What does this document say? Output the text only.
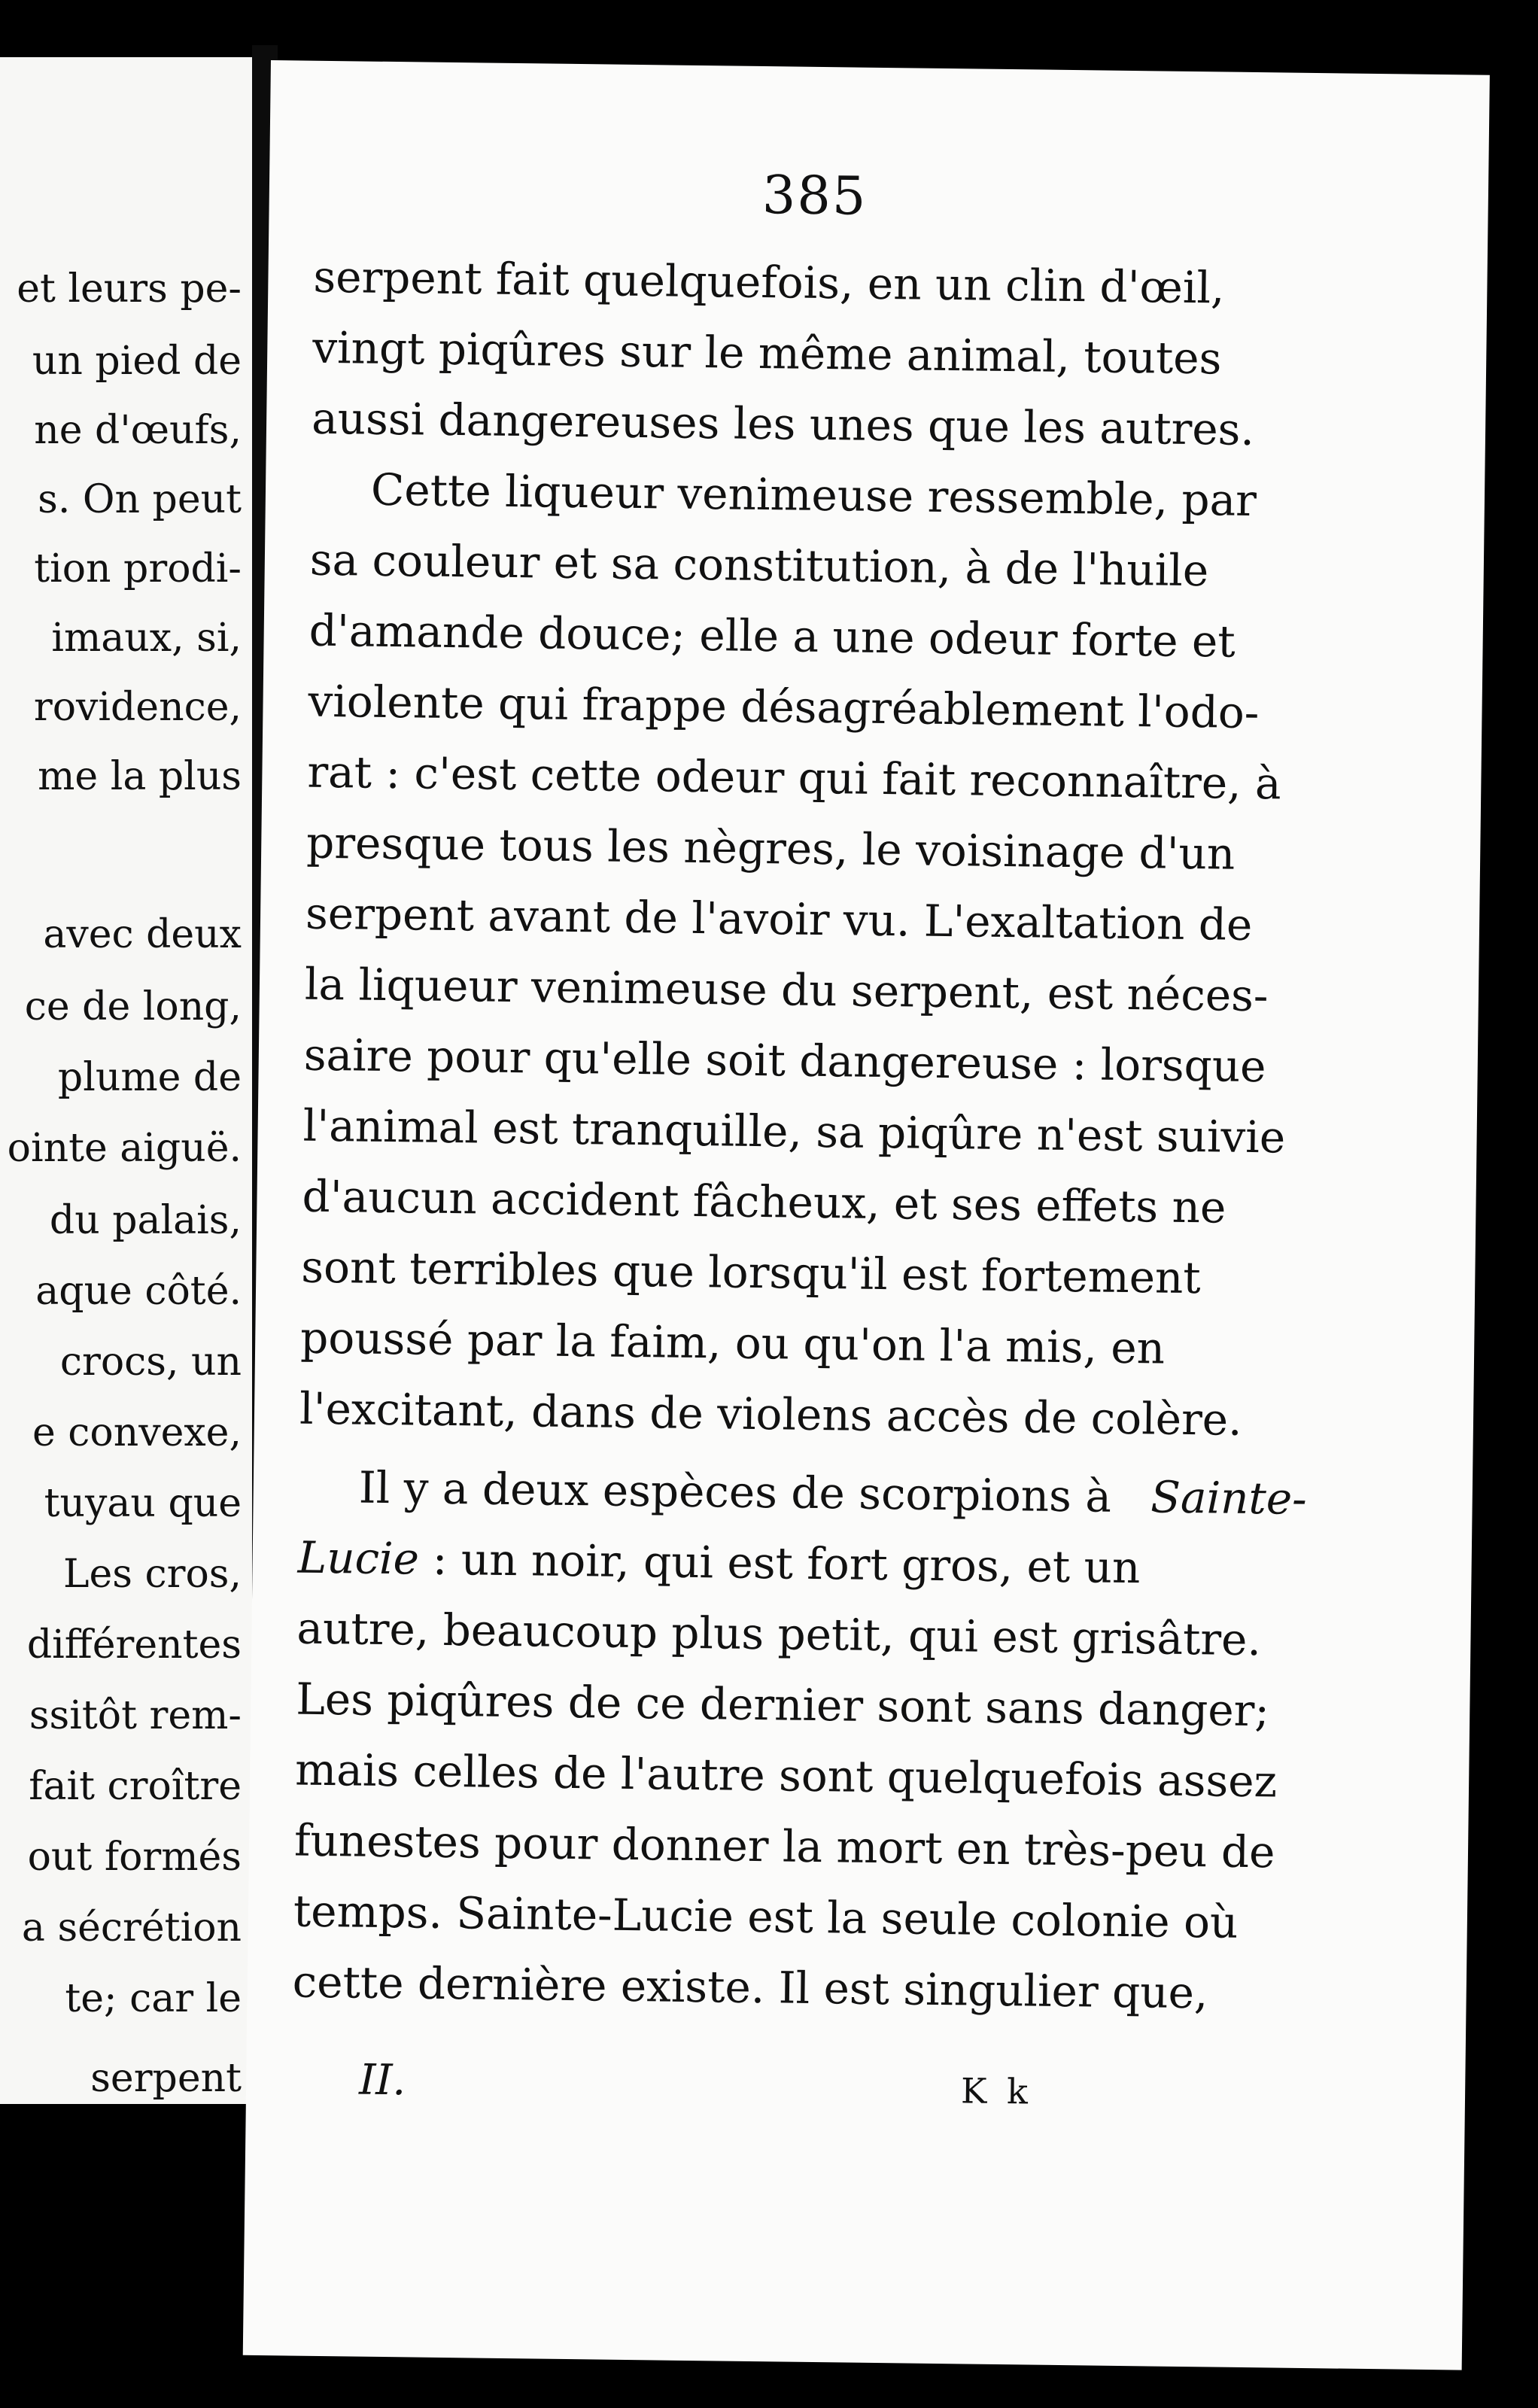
et leurs pe-
un pied de
ne d'œufs,
s. On peut
tion prodi-
imaux, si,
rovidence,
me la plus
avec deux
ce de long,
plume de
ointe aiguë.
du palais,
aque côté.
crocs, un
e convexe,
tuyau que
Les cros,
différentes
ssitôt rem-
fait croître
out formés
a sécrétion
te; car le
serpent
385
serpent fait quelquefois, en un clin d'œil,
vingt piqûres sur le même animal, toutes
aussi dangereuses les unes que les autres.
Cette liqueur venimeuse ressemble, par
sa couleur et sa constitution, à de l'huile
d'amande douce; elle a une odeur forte et
violente qui frappe désagréablement l'odo-
rat : c'est cette odeur qui fait reconnaître, à
presque tous les nègres, le voisinage d'un
serpent avant de l'avoir vu. L'exaltation de
la liqueur venimeuse du serpent, est néces-
saire pour qu'elle soit dangereuse : lorsque
l'animal est tranquille, sa piqûre n'est suivie
d'aucun accident fâcheux, et ses effets ne
sont terribles que lorsqu'il est fortement
poussé par la faim, ou qu'on l'a mis, en
l'excitant, dans de violens accès de colère.
Il y a deux espèces de scorpions à Sainte-
Lucie : un noir, qui est fort gros, et un
autre, beaucoup plus petit, qui est grisâtre.
Les piqûres de ce dernier sont sans danger;
mais celles de l'autre sont quelquefois assez
funestes pour donner la mort en très-peu de
temps. Sainte-Lucie est la seule colonie où
cette dernière existe. Il est singulier que,
II.	K k
